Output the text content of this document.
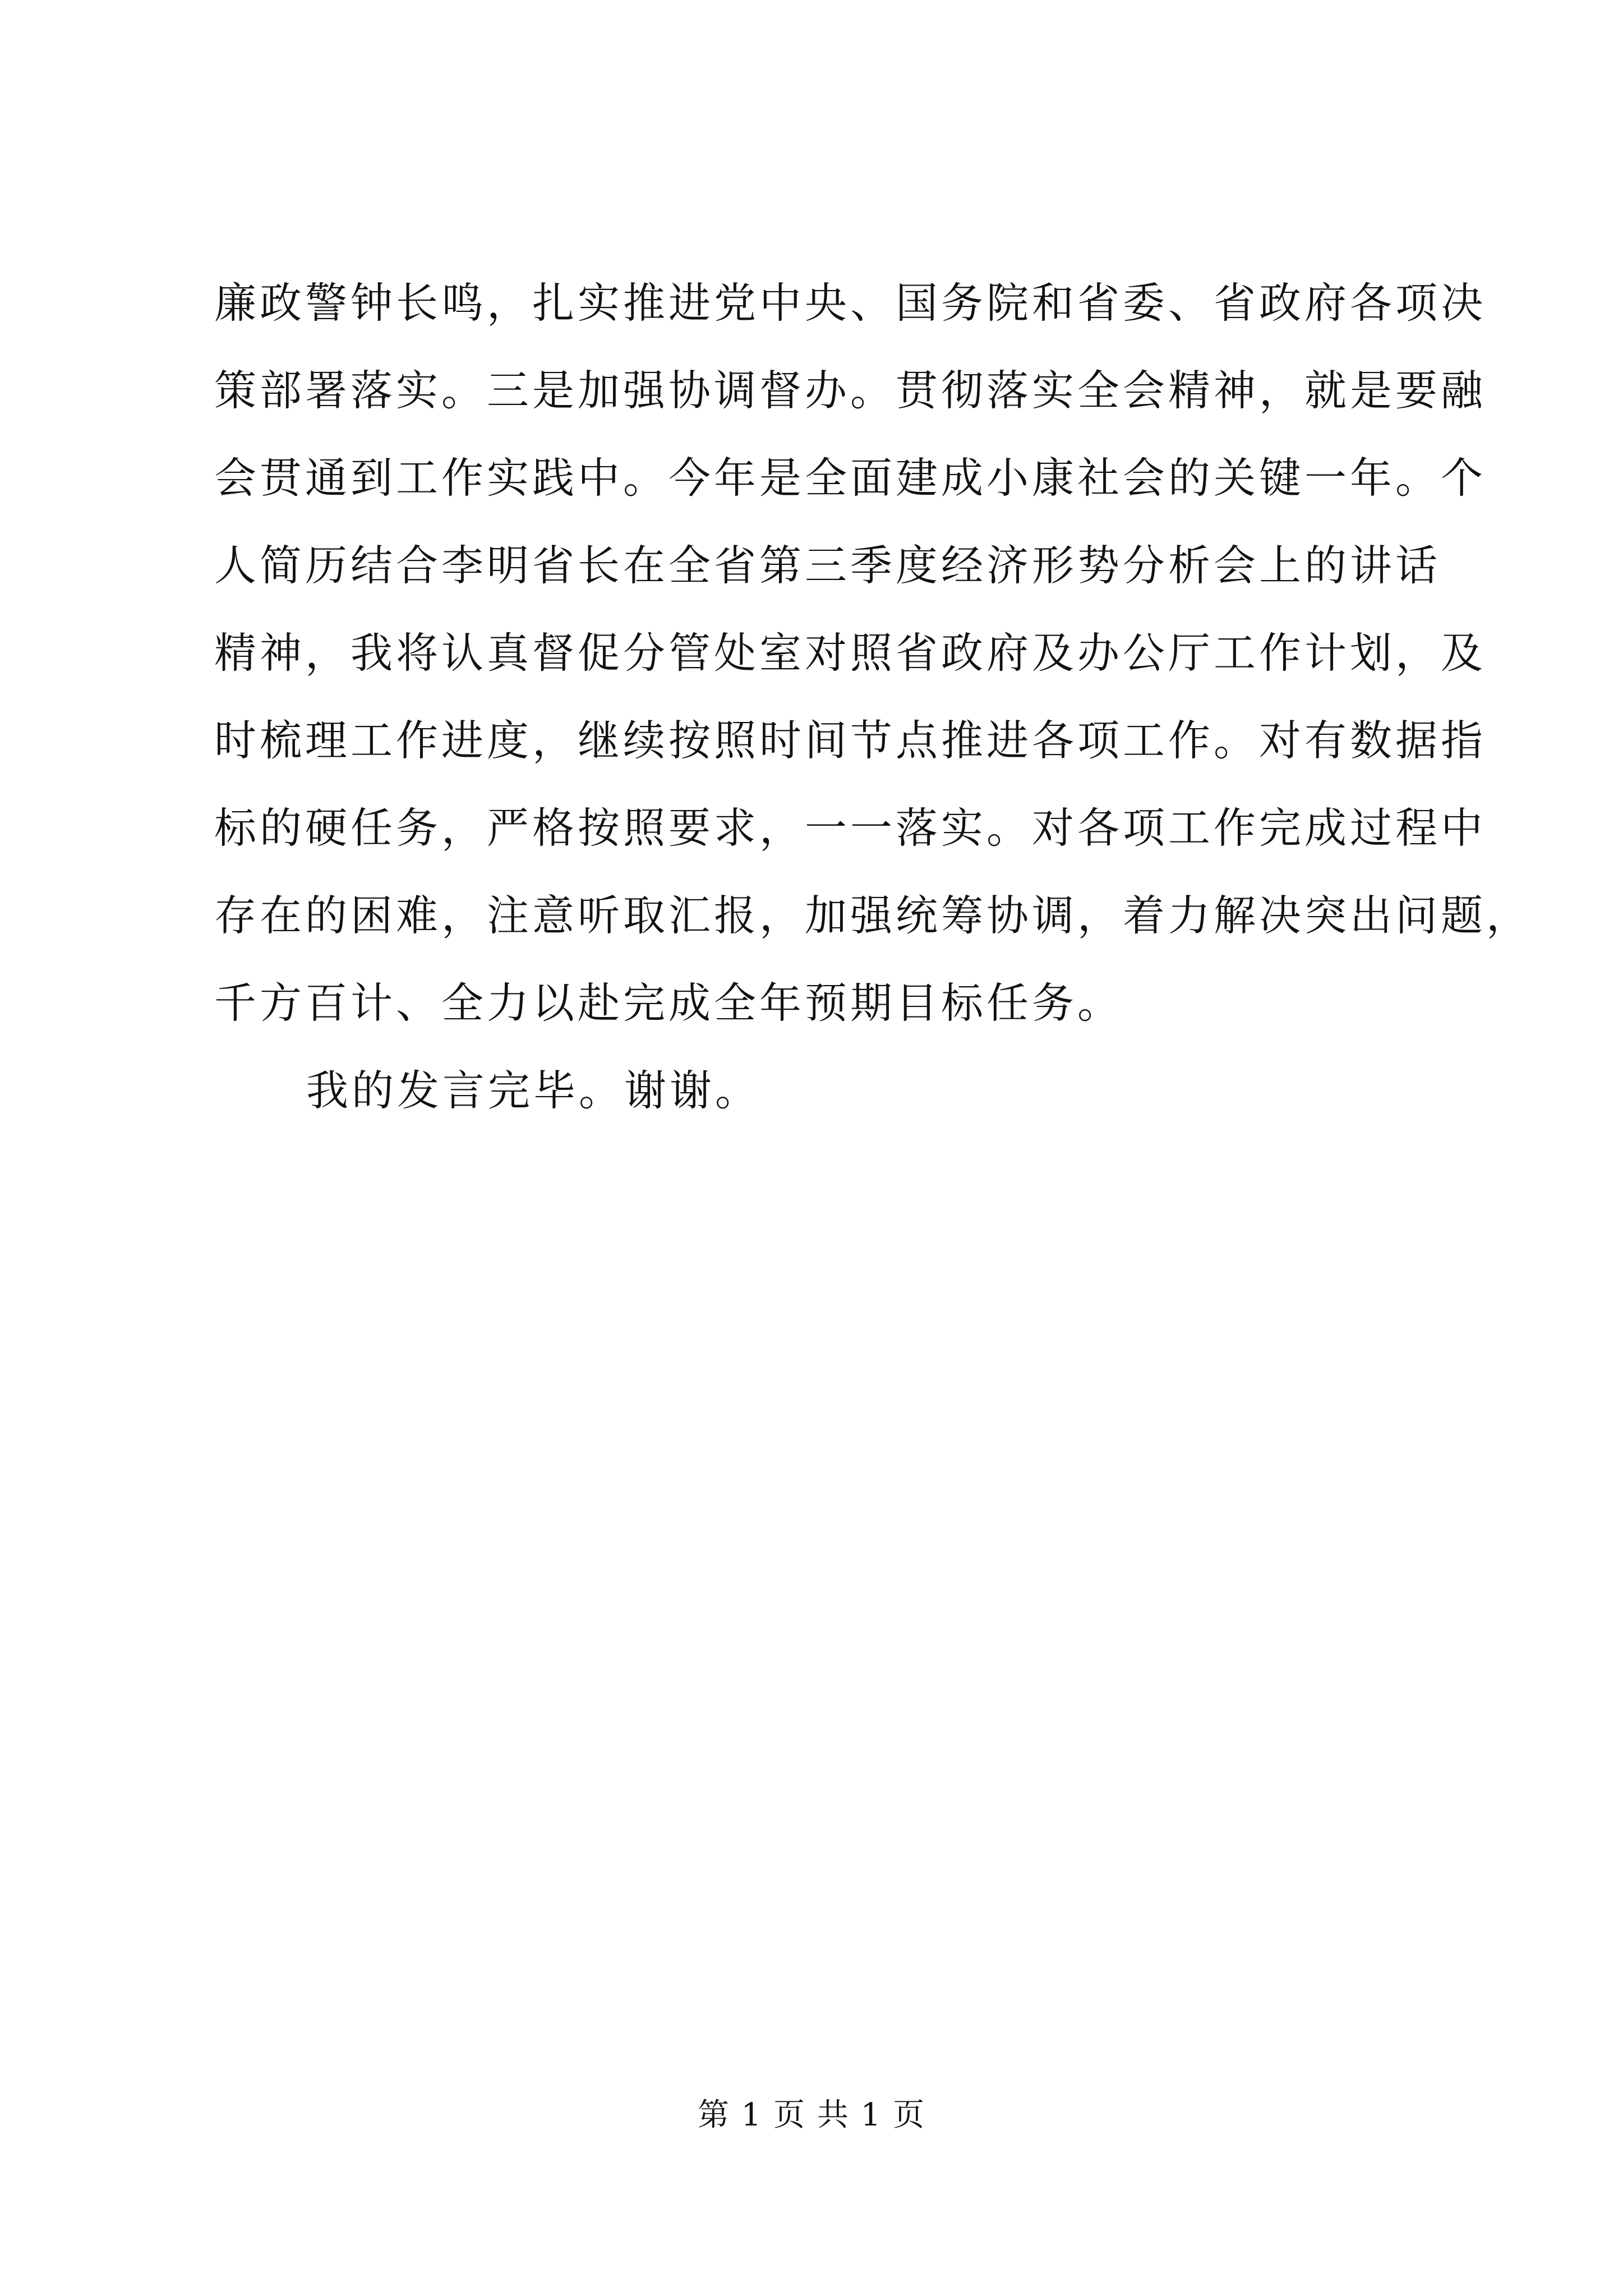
廉政警钟长鸣，扎实推进党中央、国务院和省委、省政府各项决
策部署落实。三是加强协调督办。贯彻落实全会精神，就是要融
会贯通到工作实践中。今年是全面建成小康社会的关键一年。个
人简历结合李明省长在全省第三季度经济形势分析会上的讲话
精神，我将认真督促分管处室对照省政府及办公厅工作计划，及
时梳理工作进度，继续按照时间节点推进各项工作。对有数据指
标的硬任务，严格按照要求，一一落实。对各项工作完成过程中
存在的困难，注意听取汇报，加强统筹协调，着力解决突出问题，
千方百计、全力以赴完成全年预期目标任务。
我的发言完毕。谢谢。
第 1 页 共 1 页
